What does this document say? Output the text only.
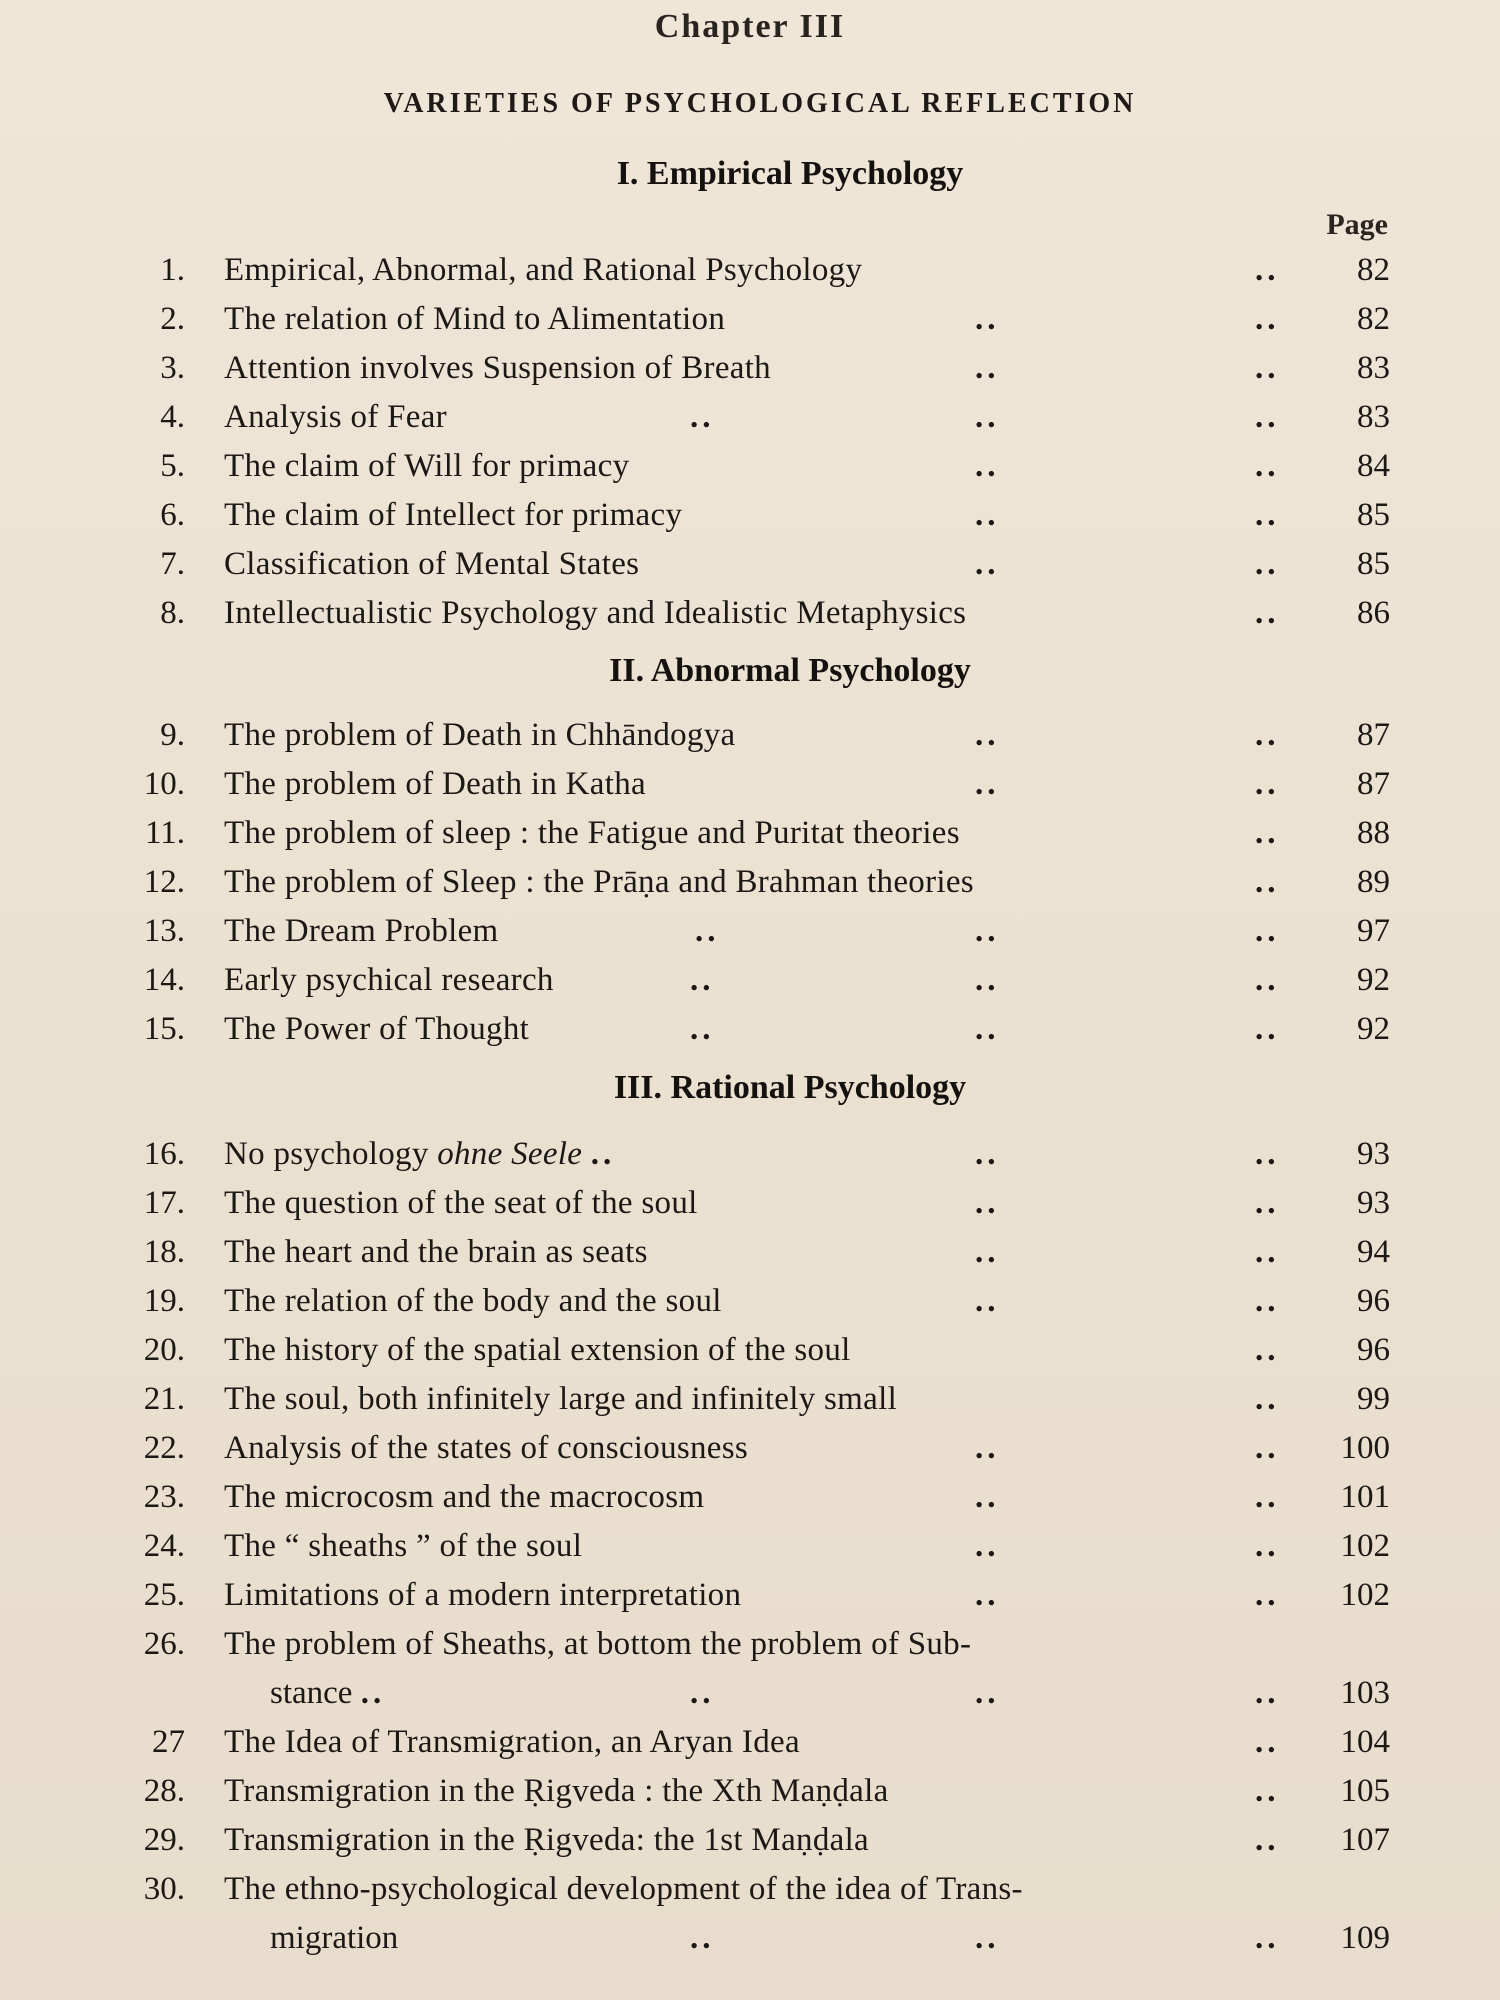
Chapter III
VARIETIES OF PSYCHOLOGICAL REFLECTION
I. Empirical Psychology
Page
1. Empirical, Abnormal, and Rational Psychology	..	82
2. The relation of Mind to Alimentation	..	..	82
3. Attention involves Suspension of Breath	..	..	83
4. Analysis of Fear	..	..	..	83
5. The claim of Will for primacy	..	..	84
6. The claim of Intellect for primacy	..	..	85
7. Classification of Mental States	..	..	85
8. Intellectualistic Psychology and Idealistic Metaphysics	..	86
II. Abnormal Psychology
9. The problem of Death in Chhāndogya	..	..	87
10. The problem of Death in Katha	..	..	87
11. The problem of sleep : the Fatigue and Puritat theories	..	88
12. The problem of Sleep : the Prāṇa and Brahman theories	..	89
13. The Dream Problem	..	..	..	97
14. Early psychical research	..	..	..	92
15. The Power of Thought	..	..	..	92
III. Rational Psychology
16. No psychology ohne Seele ..	..	..	93
17. The question of the seat of the soul	..	..	93
18. The heart and the brain as seats	..	..	94
19. The relation of the body and the soul	..	..	96
20. The history of the spatial extension of the soul	..	96
21. The soul, both infinitely large and infinitely small	..	99
22. Analysis of the states of consciousness	..	..	100
23. The microcosm and the macrocosm	..	..	101
24. The “ sheaths ” of the soul	..	..	102
25. Limitations of a modern interpretation	..	..	102
26. The problem of Sheaths, at bottom the problem of Sub-
stance ..	..	..	..	103
27 The Idea of Transmigration, an Aryan Idea	..	104
28. Transmigration in the Ṛigveda : the Xth Maṇḍala	..	105
29. Transmigration in the Ṛigveda: the 1st Maṇḍala	..	107
30. The ethno-psychological development of the idea of Trans-
migration	..	..	..	109
